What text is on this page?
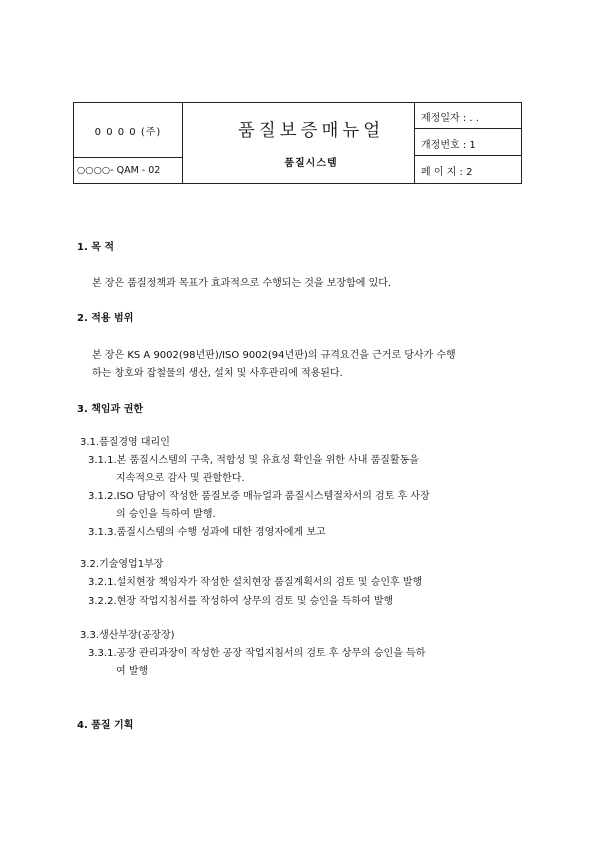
0 0 0 0 (주)
○○○○- QAM - 02
품질보증매뉴얼
품질시스템
제정일자 : . .
개정번호 : 1
페 이 지 : 2
1. 목 적
본 장은 품질정책과 목표가 효과적으로 수행되는 것을 보장함에 있다.
2. 적용 범위
본 장은 KS A 9002(98년판)/ISO 9002(94년판)의 규격요건을 근거로 당사가 수행
하는 창호와 잡철물의 생산, 설치 및 사후관리에 적용된다.
3. 책임과 권한
3.1.품질경영 대리인
3.1.1.본 품질시스템의 구축, 적합성 및 유효성 확인을 위한 사내 품질활동을
지속적으로 감사 및 관할한다.
3.1.2.ISO 담당이 작성한 품질보증 매뉴얼과 품질시스템절차서의 검토 후 사장
의 승인을 득하여 발행.
3.1.3.품질시스템의 수행 성과에 대한 경영자에게 보고
3.2.기술영업1부장
3.2.1.설치현장 책임자가 작성한 설치현장 품질계획서의 검토 및 승인후 발행
3.2.2.현장 작업지침서를 작성하여 상무의 검토 및 승인을 득하여 발행
3.3.생산부장(공장장)
3.3.1.공장 관리과장이 작성한 공장 작업지침서의 검토 후 상무의 승인을 득하
여 발행
4. 품질 기획
